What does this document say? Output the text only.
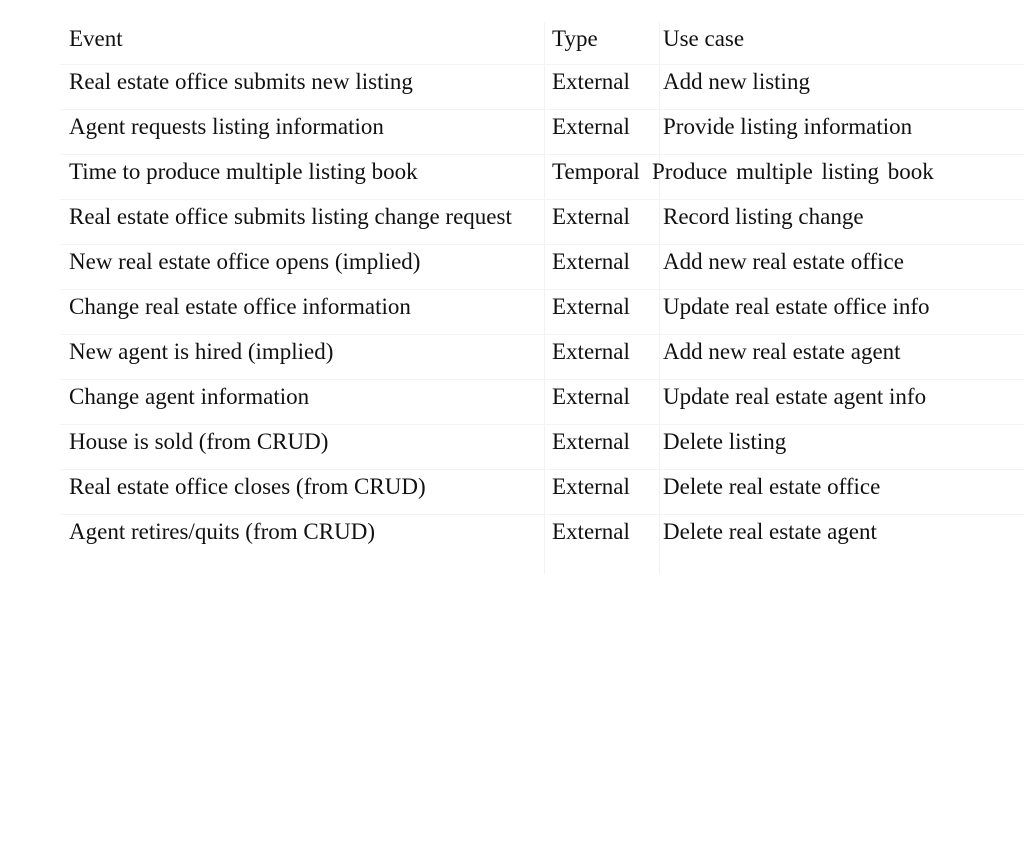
Event	Type	Use case
Real estate office submits new listing	External	Add new listing
Agent requests listing information	External	Provide listing information
Time to produce multiple listing book	Temporal	Produce multiple listing book
Real estate office submits listing change request	External	Record listing change
New real estate office opens (implied)	External	Add new real estate office
Change real estate office information	External	Update real estate office info
New agent is hired (implied)	External	Add new real estate agent
Change agent information	External	Update real estate agent info
House is sold (from CRUD)	External	Delete listing
Real estate office closes (from CRUD)	External	Delete real estate office
Agent retires/quits (from CRUD)	External	Delete real estate agent
